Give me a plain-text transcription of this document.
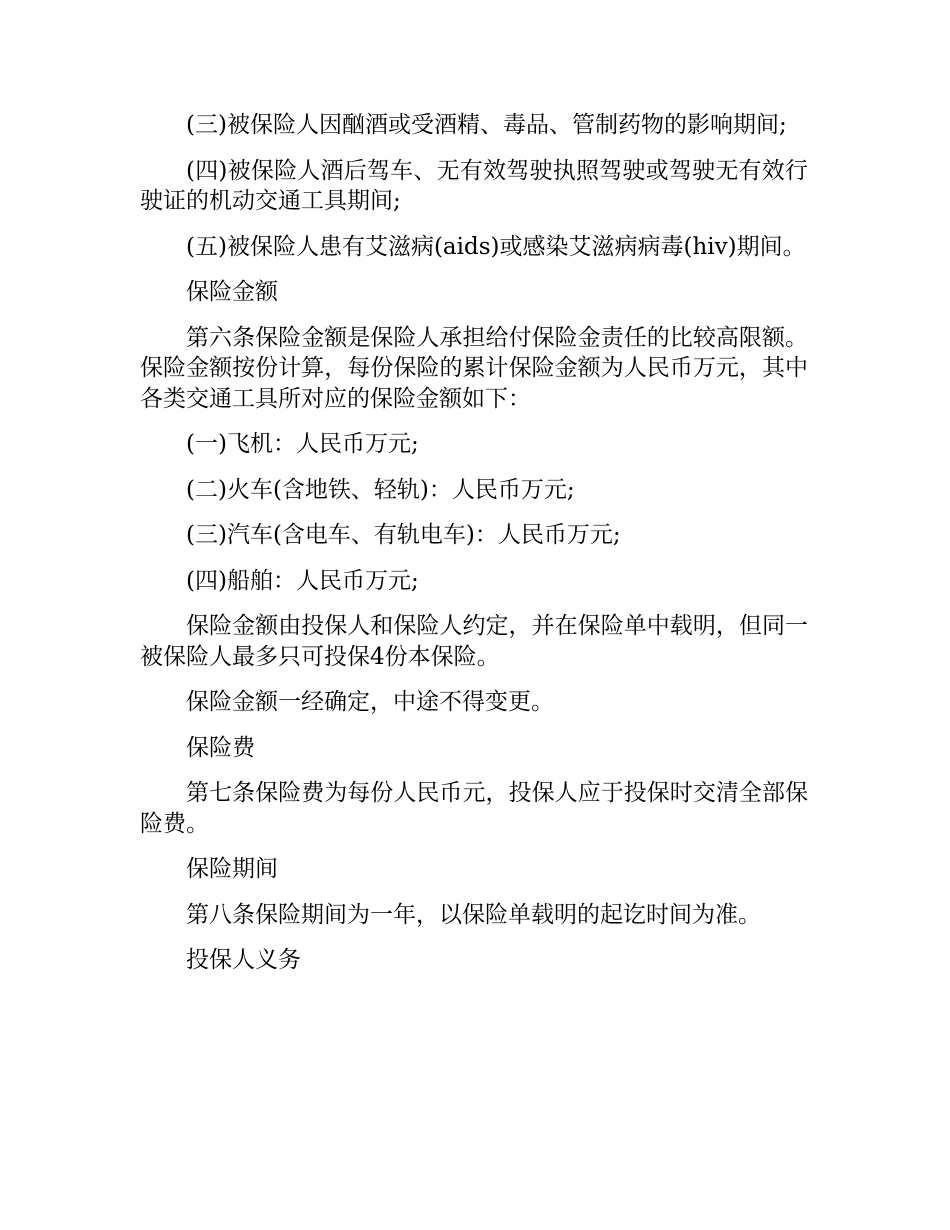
(三)被保险人因酗酒或受酒精、毒品、管制药物的影响期间;

(四)被保险人酒后驾车、无有效驾驶执照驾驶或驾驶无有效行驶证的机动交通工具期间;

(五)被保险人患有艾滋病(aids)或感染艾滋病病毒(hiv)期间。

保险金额

第六条保险金额是保险人承担给付保险金责任的比较高限额。保险金额按份计算，每份保险的累计保险金额为人民币万元，其中各类交通工具所对应的保险金额如下：

(一)飞机：人民币万元;

(二)火车(含地铁、轻轨)：人民币万元;

(三)汽车(含电车、有轨电车)：人民币万元;

(四)船舶：人民币万元;

保险金额由投保人和保险人约定，并在保险单中载明，但同一被保险人最多只可投保4份本保险。

保险金额一经确定，中途不得变更。

保险费

第七条保险费为每份人民币元，投保人应于投保时交清全部保险费。

保险期间

第八条保险期间为一年，以保险单载明的起讫时间为准。

投保人义务
